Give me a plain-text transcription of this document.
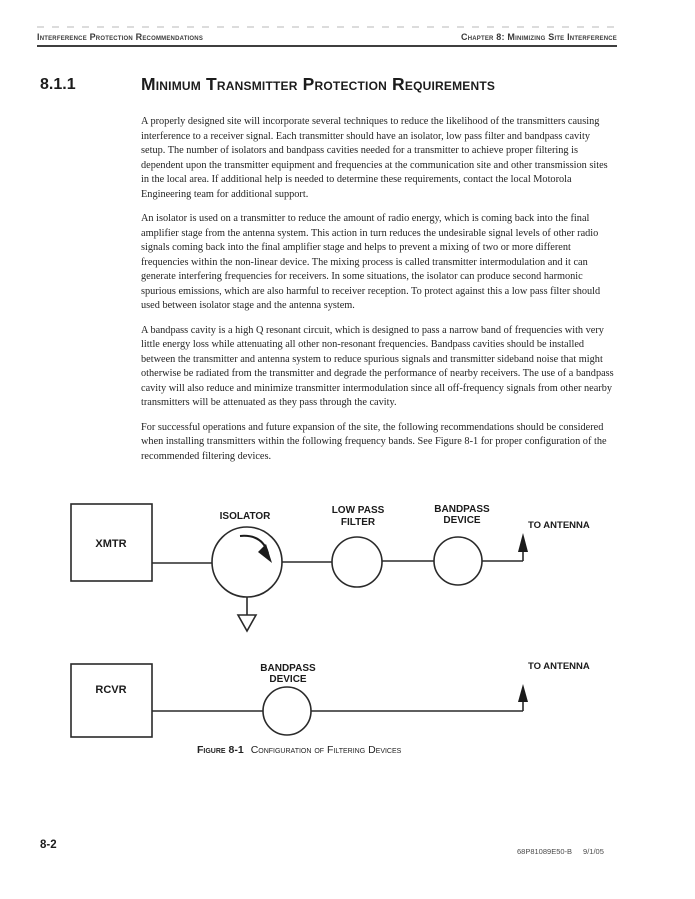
Interference Protection Recommendations	Chapter 8: Minimizing Site Interference
8.1.1	Minimum Transmitter Protection Requirements

A properly designed site will incorporate several techniques to reduce the likelihood of the transmitters causing interference to a receiver signal. Each transmitter should have an isolator, low pass filter and bandpass cavity setup. The number of isolators and bandpass cavities needed for a transmitter to achieve proper filtering is dependent upon the transmitter equipment and frequencies at the communication site and other transmission sites in the local area. If additional help is needed to determine these requirements, contact the local Motorola Engineering team for additional support.

An isolator is used on a transmitter to reduce the amount of radio energy, which is coming back into the final amplifier stage from the antenna system. This action in turn reduces the undesirable signal levels of other radio signals coming back into the final amplifier stage and helps to prevent a mixing of two or more different frequencies within the non-linear device. The mixing process is called transmitter intermodulation and it can generate interfering frequencies for receivers. In some situations, the isolator can produce second harmonic spurious emissions, which are also harmful to receiver reception. To protect against this a low pass filter should used between isolator stage and the antenna system.

A bandpass cavity is a high Q resonant circuit, which is designed to pass a narrow band of frequencies with very little energy loss while attenuating all other non-resonant frequencies. Bandpass cavities should be installed between the transmitter and antenna system to reduce spurious signals and transmitter sideband noise that might otherwise be radiated from the transmitter and degrade the performance of nearby receivers. The use of a bandpass cavity will also reduce and minimize transmitter intermodulation since all off-frequency signals from other nearby transmitters will be attenuated as they pass through the cavity.

For successful operations and future expansion of the site, the following recommendations should be considered when installing transmitters within the following frequency bands. See Figure 8-1 for proper configuration of the recommended filtering devices.

XMTR
ISOLATOR
LOW PASS
FILTER
BANDPASS
DEVICE	TO ANTENNA
RCVR
BANDPASS
DEVICE
TO ANTENNA
Figure 8-1 Configuration of Filtering Devices
8-2
68P81089E50-B 9/1/05
